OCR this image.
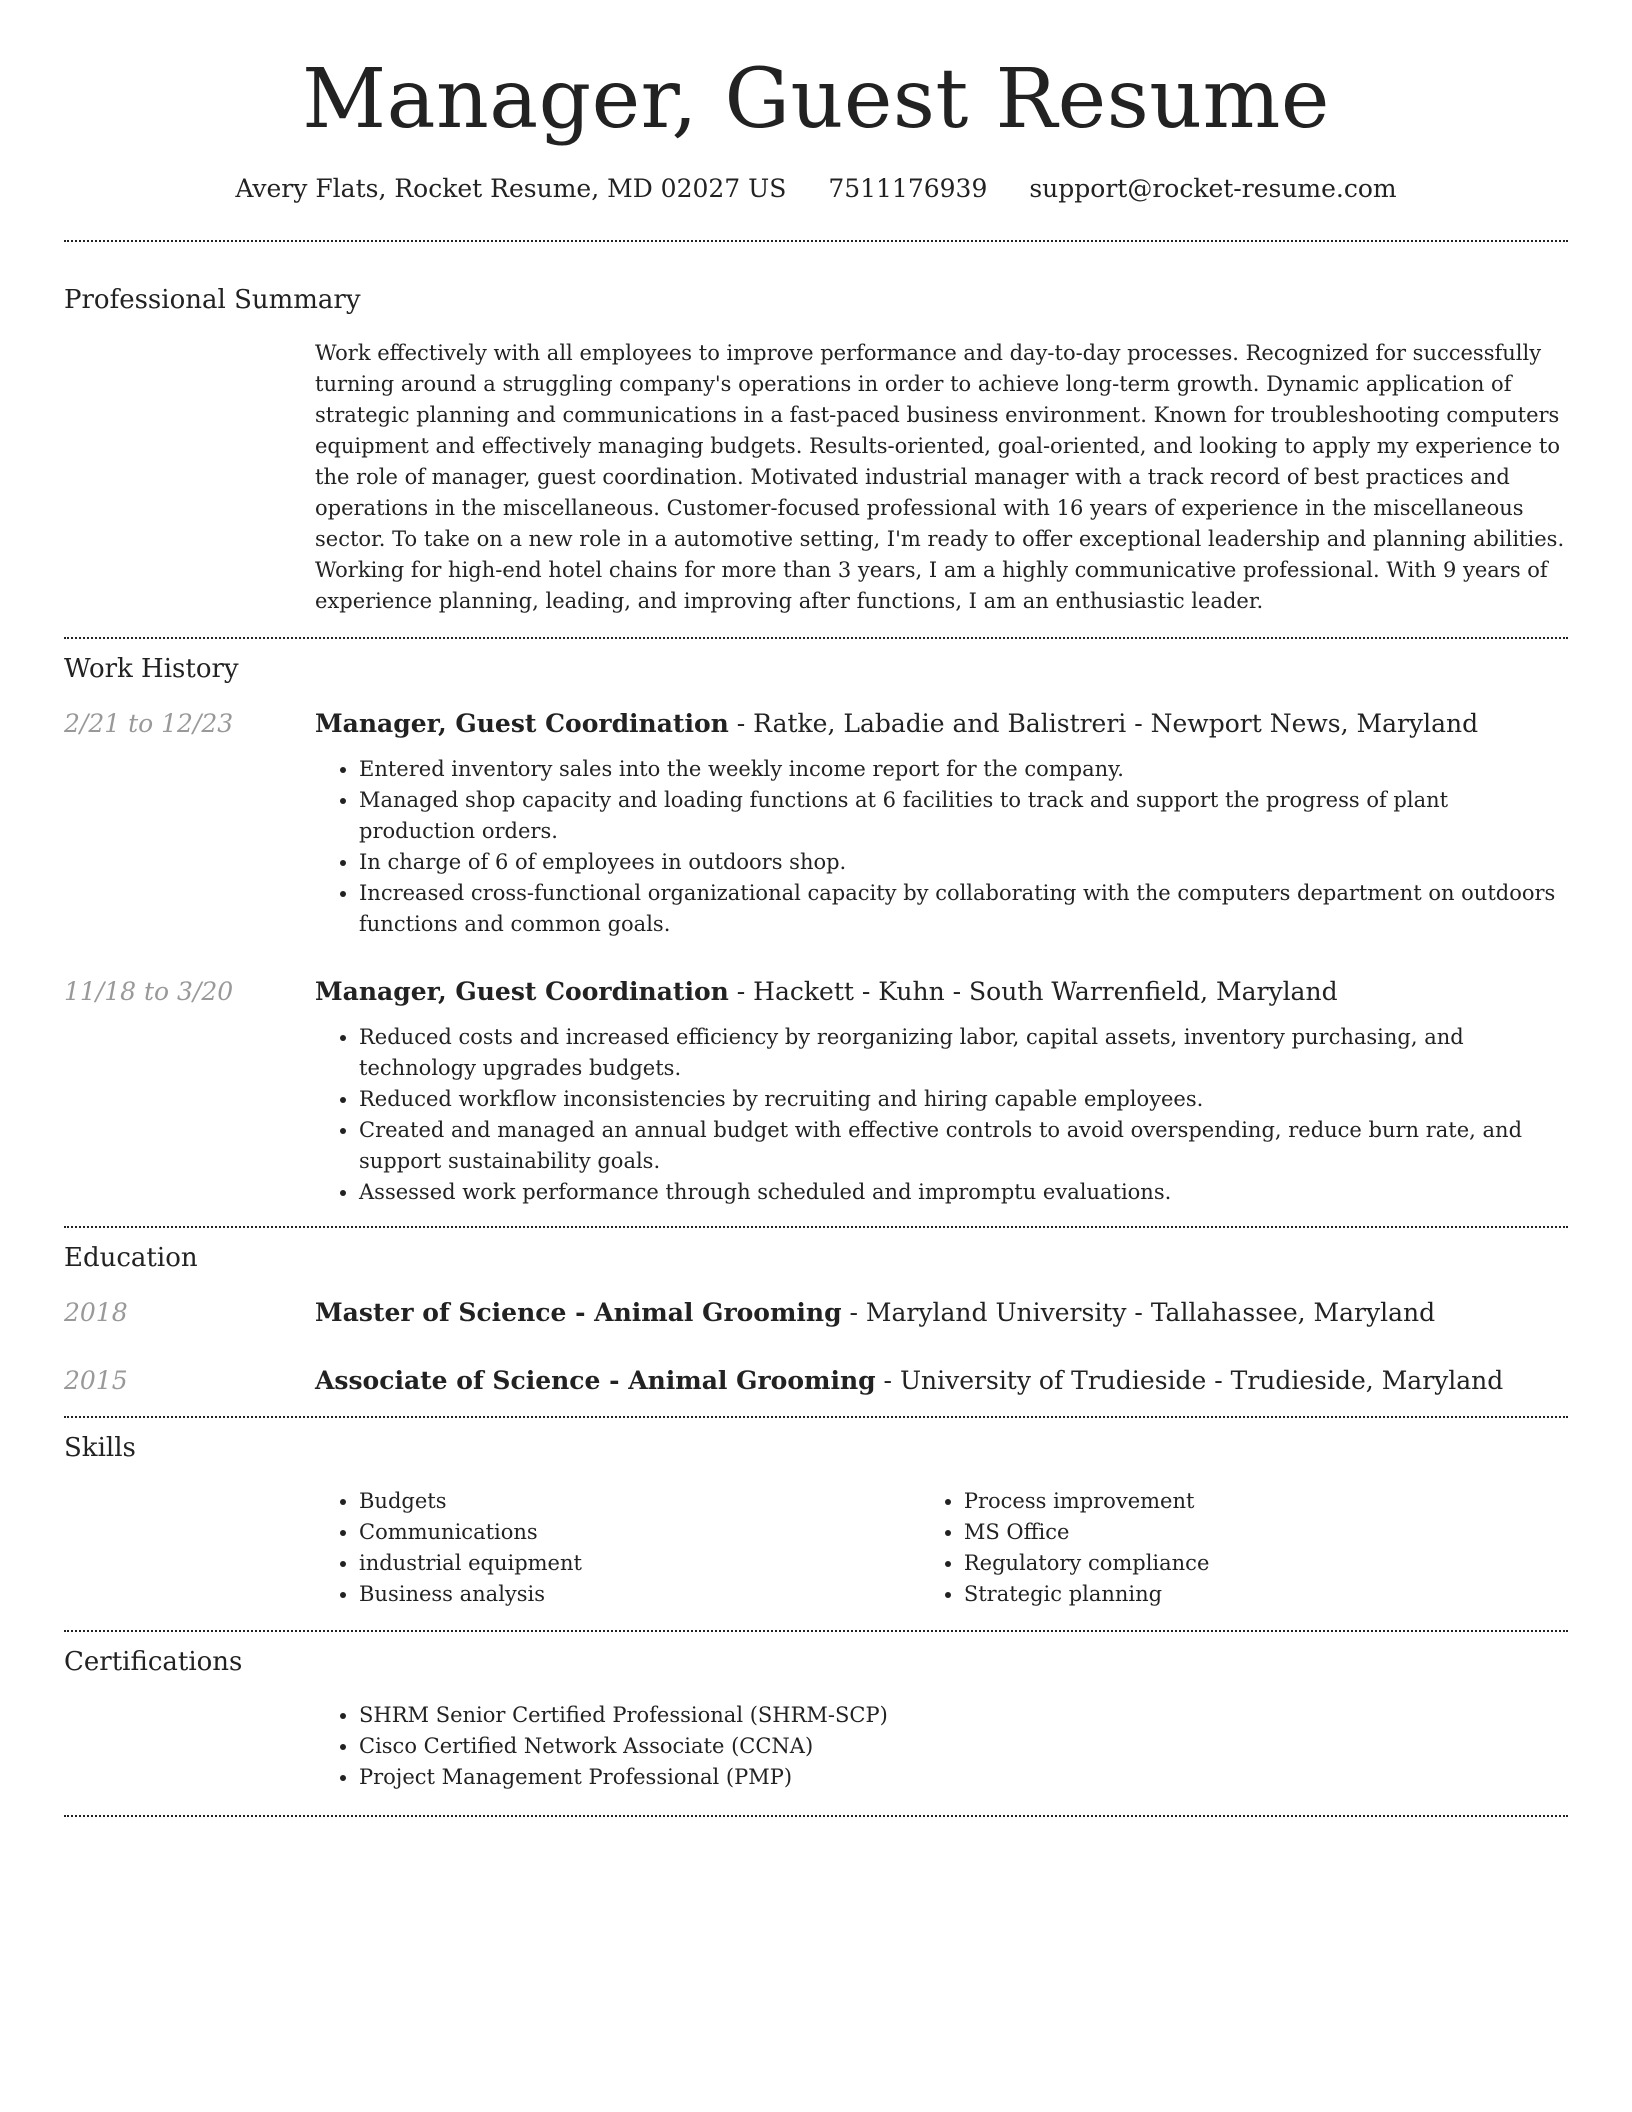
Manager, Guest Resume
Avery Flats, Rocket Resume, MD 02027 US 7511176939 support@rocket-resume.com
Professional Summary
Work effectively with all employees to improve performance and day-to-day processes. Recognized for successfully turning around a struggling company's operations in order to achieve long-term growth. Dynamic application of strategic planning and communications in a fast-paced business environment. Known for troubleshooting computers equipment and effectively managing budgets. Results-oriented, goal-oriented, and looking to apply my experience to the role of manager, guest coordination. Motivated industrial manager with a track record of best practices and operations in the miscellaneous. Customer-focused professional with 16 years of experience in the miscellaneous sector. To take on a new role in a automotive setting, I'm ready to offer exceptional leadership and planning abilities. Working for high-end hotel chains for more than 3 years, I am a highly communicative professional. With 9 years of experience planning, leading, and improving after functions, I am an enthusiastic leader.
Work History
2/21 to 12/23	Manager, Guest Coordination - Ratke, Labadie and Balistreri - Newport News, Maryland
• Entered inventory sales into the weekly income report for the company.
• Managed shop capacity and loading functions at 6 facilities to track and support the progress of plant production orders.
• In charge of 6 of employees in outdoors shop.
• Increased cross-functional organizational capacity by collaborating with the computers department on outdoors functions and common goals.
11/18 to 3/20	Manager, Guest Coordination - Hackett - Kuhn - South Warrenfield, Maryland
• Reduced costs and increased efficiency by reorganizing labor, capital assets, inventory purchasing, and technology upgrades budgets.
• Reduced workflow inconsistencies by recruiting and hiring capable employees.
• Created and managed an annual budget with effective controls to avoid overspending, reduce burn rate, and support sustainability goals.
• Assessed work performance through scheduled and impromptu evaluations.
Education
2018	Master of Science - Animal Grooming - Maryland University - Tallahassee, Maryland
2015	Associate of Science - Animal Grooming - University of Trudieside - Trudieside, Maryland
Skills
• Budgets
• Communications
• industrial equipment
• Business analysis
• Process improvement
• MS Office
• Regulatory compliance
• Strategic planning
Certifications
• SHRM Senior Certified Professional (SHRM-SCP)
• Cisco Certified Network Associate (CCNA)
• Project Management Professional (PMP)
